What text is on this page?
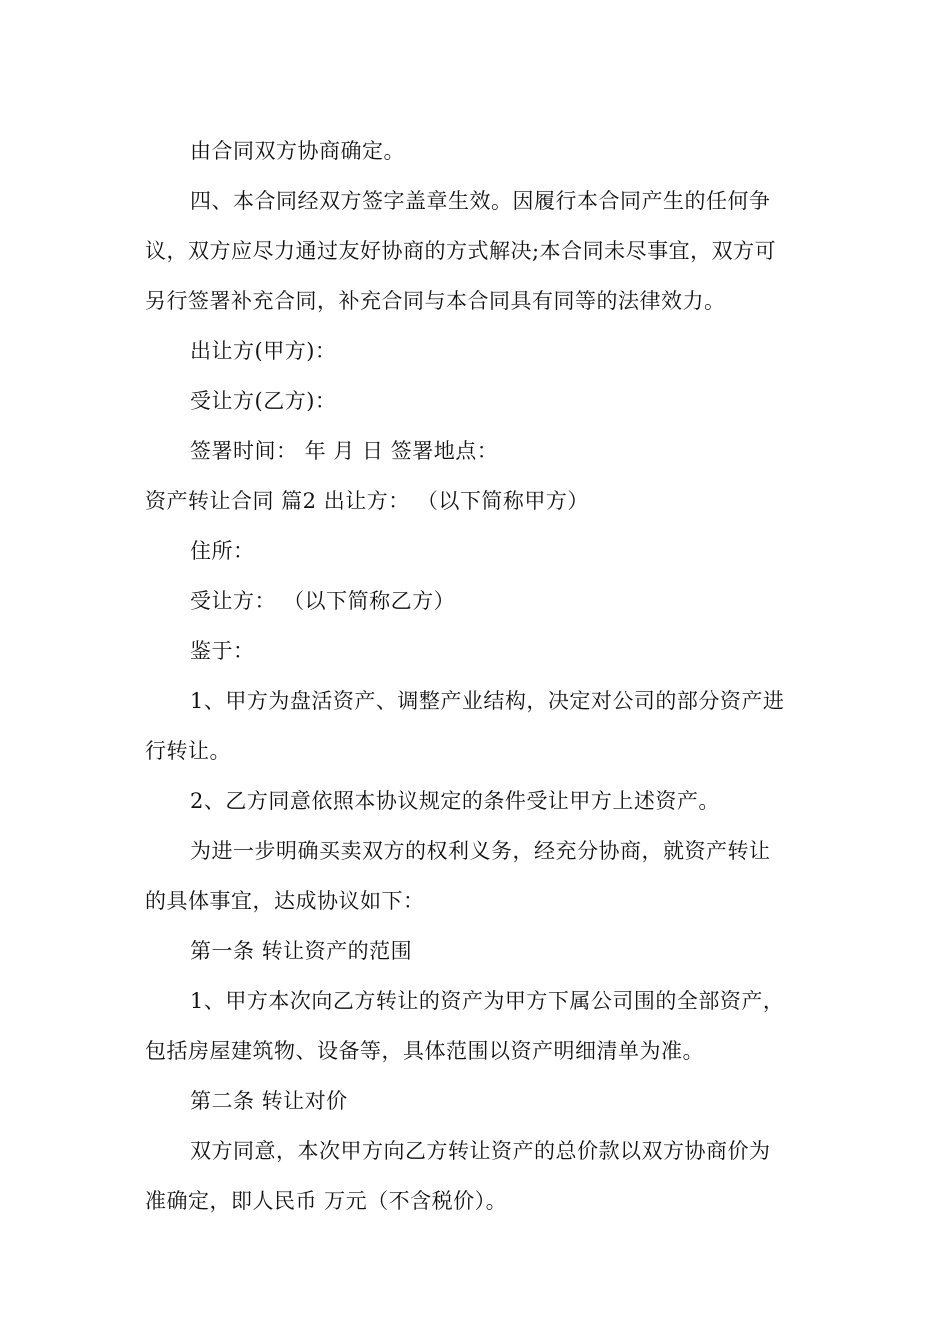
由合同双方协商确定。
四、本合同经双方签字盖章生效。因履行本合同产生的任何争
议，双方应尽力通过友好协商的方式解决;本合同未尽事宜，双方可
另行签署补充合同，补充合同与本合同具有同等的法律效力。
出让方(甲方)：
受让方(乙方)：
签署时间： 年 月 日 签署地点：
资产转让合同 篇2 出让方： （以下简称甲方）
住所：
受让方： （以下简称乙方）
鉴于：
1、甲方为盘活资产、调整产业结构，决定对公司的部分资产进
行转让。
2、乙方同意依照本协议规定的条件受让甲方上述资产。
为进一步明确买卖双方的权利义务，经充分协商，就资产转让
的具体事宜，达成协议如下：
第一条 转让资产的范围
1、甲方本次向乙方转让的资产为甲方下属公司围的全部资产，
包括房屋建筑物、设备等，具体范围以资产明细清单为准。
第二条 转让对价
双方同意，本次甲方向乙方转让资产的总价款以双方协商价为
准确定，即人民币 万元（不含税价）。
